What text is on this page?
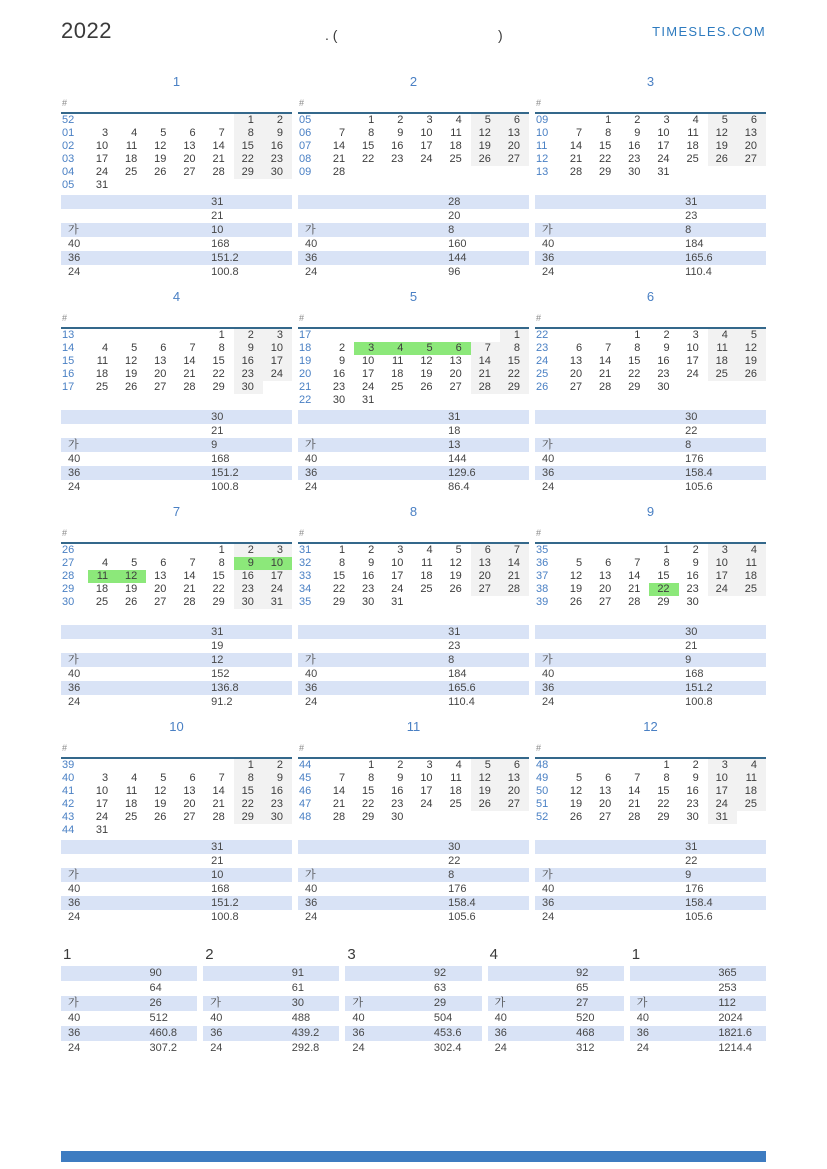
2022	. (	)	TIMESLES.COM
1
#							
52						1	2
01	3	4	5	6	7	8	9
02	10	11	12	13	14	15	16
03	17	18	19	20	21	22	23
04	24	25	26	27	28	29	30
05	31						
	31
	21
가	10
40	168
36	151.2
24	100.8
2
#							
05		1	2	3	4	5	6
06	7	8	9	10	11	12	13
07	14	15	16	17	18	19	20
08	21	22	23	24	25	26	27
09	28						
	28
	20
가	8
40	160
36	144
24	96
3
#							
09		1	2	3	4	5	6
10	7	8	9	10	11	12	13
11	14	15	16	17	18	19	20
12	21	22	23	24	25	26	27
13	28	29	30	31			
	31
	23
가	8
40	184
36	165.6
24	110.4
4
#							
13					1	2	3
14	4	5	6	7	8	9	10
15	11	12	13	14	15	16	17
16	18	19	20	21	22	23	24
17	25	26	27	28	29	30	
	30
	21
가	9
40	168
36	151.2
24	100.8
5
#							
17							1
18	2	3	4	5	6	7	8
19	9	10	11	12	13	14	15
20	16	17	18	19	20	21	22
21	23	24	25	26	27	28	29
22	30	31					
	31
	18
가	13
40	144
36	129.6
24	86.4
6
#							
22			1	2	3	4	5
23	6	7	8	9	10	11	12
24	13	14	15	16	17	18	19
25	20	21	22	23	24	25	26
26	27	28	29	30			
	30
	22
가	8
40	176
36	158.4
24	105.6
7
#							
26					1	2	3
27	4	5	6	7	8	9	10
28	11	12	13	14	15	16	17
29	18	19	20	21	22	23	24
30	25	26	27	28	29	30	31
	31
	19
가	12
40	152
36	136.8
24	91.2
8
#							
31	1	2	3	4	5	6	7
32	8	9	10	11	12	13	14
33	15	16	17	18	19	20	21
34	22	23	24	25	26	27	28
35	29	30	31				
	31
	23
가	8
40	184
36	165.6
24	110.4
9
#							
35				1	2	3	4
36	5	6	7	8	9	10	11
37	12	13	14	15	16	17	18
38	19	20	21	22	23	24	25
39	26	27	28	29	30		
	30
	21
가	9
40	168
36	151.2
24	100.8
10
#							
39						1	2
40	3	4	5	6	7	8	9
41	10	11	12	13	14	15	16
42	17	18	19	20	21	22	23
43	24	25	26	27	28	29	30
44	31						
	31
	21
가	10
40	168
36	151.2
24	100.8
11
#							
44		1	2	3	4	5	6
45	7	8	9	10	11	12	13
46	14	15	16	17	18	19	20
47	21	22	23	24	25	26	27
48	28	29	30				
	30
	22
가	8
40	176
36	158.4
24	105.6
12
#							
48				1	2	3	4
49	5	6	7	8	9	10	11
50	12	13	14	15	16	17	18
51	19	20	21	22	23	24	25
52	26	27	28	29	30	31	
	31
	22
가	9
40	176
36	158.4
24	105.6
1
	90
	64
가	26
40	512
36	460.8
24	307.2
2
	91
	61
가	30
40	488
36	439.2
24	292.8
3
	92
	63
가	29
40	504
36	453.6
24	302.4
4
	92
	65
가	27
40	520
36	468
24	312
1
	365
	253
가	112
40	2024
36	1821.6
24	1214.4
